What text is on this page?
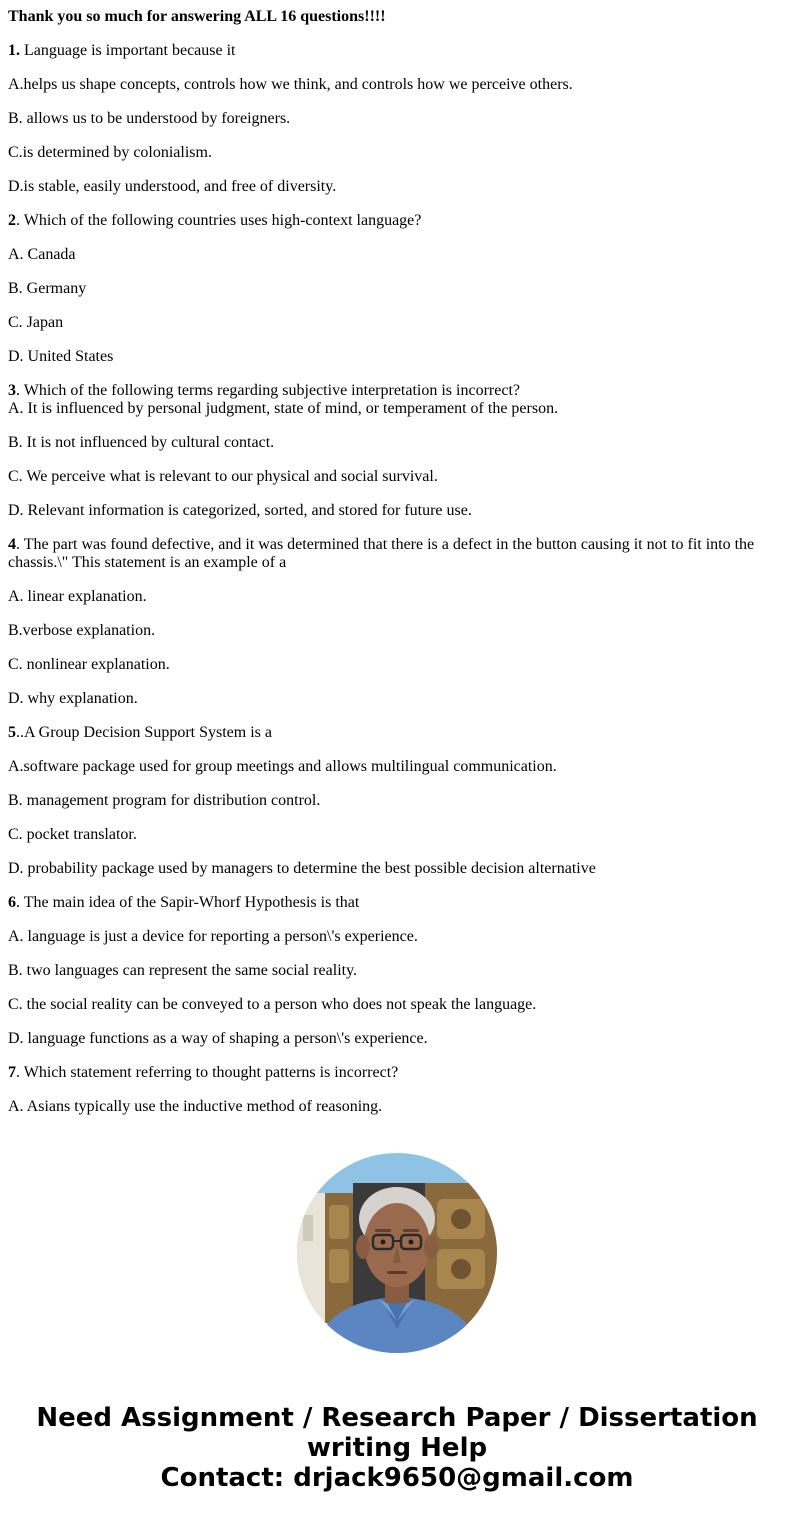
Thank you so much for answering ALL 16 questions!!!!
1. Language is important because it
A.helps us shape concepts, controls how we think, and controls how we perceive others.
B. allows us to be understood by foreigners.
C.is determined by colonialism.
D.is stable, easily understood, and free of diversity.
2. Which of the following countries uses high-context language?
A. Canada
B. Germany
C. Japan
D. United States
3. Which of the following terms regarding subjective interpretation is incorrect?
A. It is influenced by personal judgment, state of mind, or temperament of the person.
B. It is not influenced by cultural contact.
C. We perceive what is relevant to our physical and social survival.
D. Relevant information is categorized, sorted, and stored for future use.
4. The part was found defective, and it was determined that there is a defect in the button causing it not to fit into the chassis.\" This statement is an example of a
A. linear explanation.
B.verbose explanation.
C. nonlinear explanation.
D. why explanation.
5..A Group Decision Support System is a
A.software package used for group meetings and allows multilingual communication.
B. management program for distribution control.
C. pocket translator.
D. probability package used by managers to determine the best possible decision alternative
6. The main idea of the Sapir-Whorf Hypothesis is that
A. language is just a device for reporting a person\'s experience.
B. two languages can represent the same social reality.
C. the social reality can be conveyed to a person who does not speak the language.
D. language functions as a way of shaping a person\'s experience.
7. Which statement referring to thought patterns is incorrect?
A. Asians typically use the inductive method of reasoning.
Need Assignment / Research Paper / Dissertation
writing Help
Contact: drjack9650@gmail.com
